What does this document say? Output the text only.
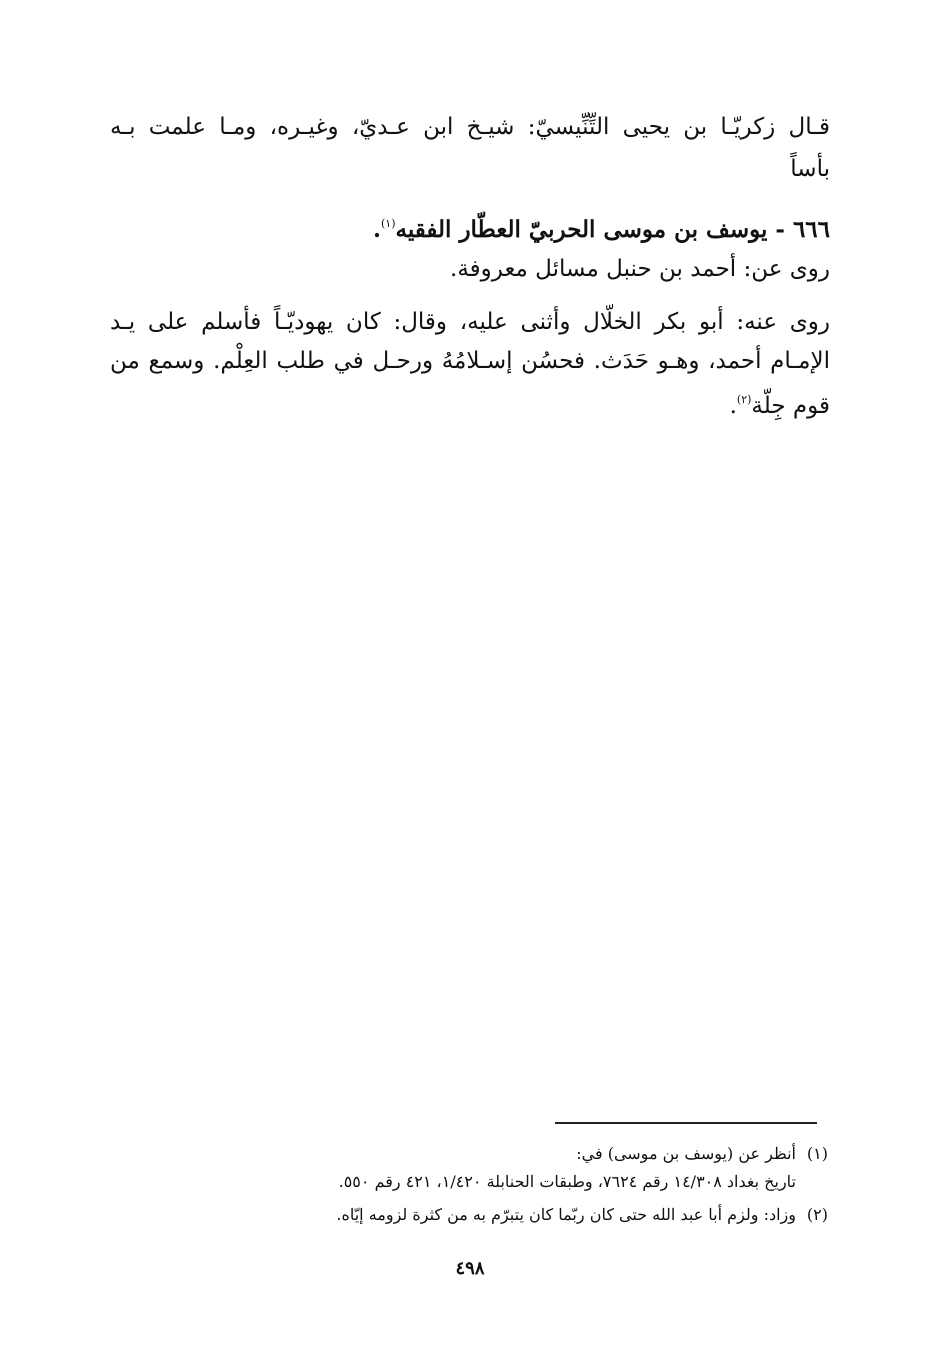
قـال زكريّـا بن يحيى التِّنِّيسيّ: شيـخ ابن عـديّ، وغيـره، ومـا علمت بـه
بأساً
٦٦٦ - يوسف بن موسى الحربيّ العطّار الفقيه$^{(١)}$.
روى عن: أحمد بن حنبل مسائل معروفة.
روى عنه: أبو بكر الخلّال وأثنى عليه، وقال: كان يهوديّـاً فأسلم على يـد
الإمـام أحمد، وهـو حَدَث. فحسُن إسـلامُهُ ورحـل في طلب العِلْم. وسمع من
قوم جِلّة$^{(٢)}$.
(١)أنظر عن (يوسف بن موسى) في:
تاريخ بغداد ١٤/٣٠٨ رقم ٧٦٢٤، وطبقات الحنابلة ١/٤٢٠، ٤٢١ رقم ٥٥٠.
(٢)وزاد: ولزم أبا عبد الله حتى كان ربّما كان يتبرّم به من كثرة لزومه إيّاه.
٤٩٨
